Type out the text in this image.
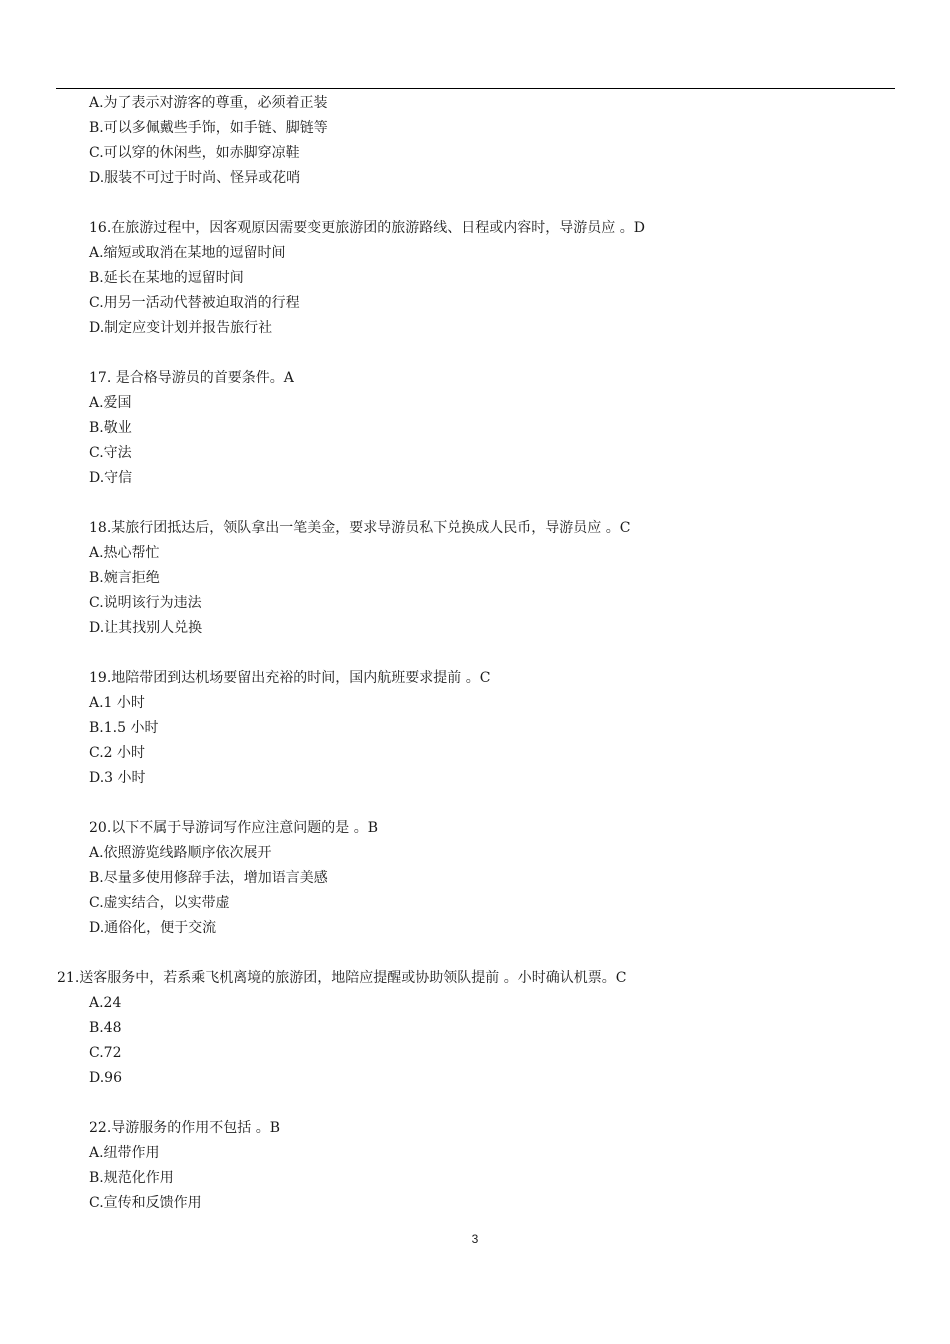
A.为了表示对游客的尊重，必须着正装
B.可以多佩戴些手饰，如手链、脚链等
C.可以穿的休闲些，如赤脚穿凉鞋
D.服装不可过于时尚、怪异或花哨
16.在旅游过程中，因客观原因需要变更旅游团的旅游路线、日程或内容时，导游员应 。D
A.缩短或取消在某地的逗留时间
B.延长在某地的逗留时间
C.用另一活动代替被迫取消的行程
D.制定应变计划并报告旅行社
17. 是合格导游员的首要条件。A
A.爱国
B.敬业
C.守法
D.守信
18.某旅行团抵达后，领队拿出一笔美金，要求导游员私下兑换成人民币，导游员应 。C
A.热心帮忙
B.婉言拒绝
C.说明该行为违法
D.让其找别人兑换
19.地陪带团到达机场要留出充裕的时间，国内航班要求提前 。C
A.1 小时
B.1.5 小时
C.2 小时
D.3 小时
20.以下不属于导游词写作应注意问题的是 。B
A.依照游览线路顺序依次展开
B.尽量多使用修辞手法，增加语言美感
C.虚实结合，以实带虚
D.通俗化，便于交流
21.送客服务中，若系乘飞机离境的旅游团，地陪应提醒或协助领队提前 。小时确认机票。C
A.24
B.48
C.72
D.96
22.导游服务的作用不包括 。B
A.纽带作用
B.规范化作用
C.宣传和反馈作用
3
